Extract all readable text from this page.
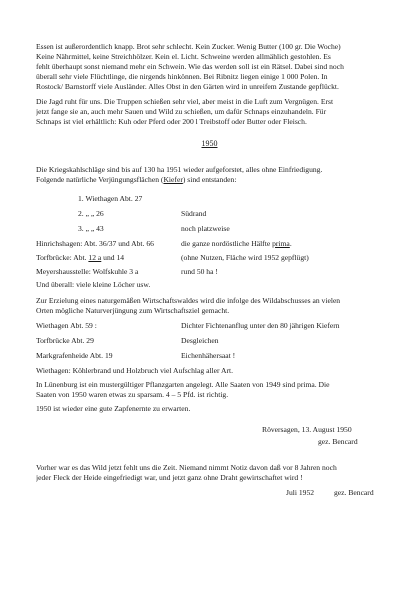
Essen ist außerordentlich knapp. Brot sehr schlecht. Kein Zucker. Wenig Butter (100 gr. Die Woche)
Keine Nährmittel, keine Streichhölzer. Kein el. Licht. Schweine werden allmählich gestohlen. Es
fehlt überhaupt sonst niemand mehr ein Schwein. Wie das werden soll ist ein Rätsel. Dabei sind noch
überall sehr viele Flüchtlinge, die nirgends hinkönnen. Bei Ribnitz liegen einige 1 000 Polen. In
Rostock/ Barnstorff viele Ausländer. Alles Obst in den Gärten wird in unreifem Zustande gepflückt.
Die Jagd ruht für uns. Die Truppen schießen sehr viel, aber meist in die Luft zum Vergnügen. Erst
jetzt fange sie an, auch mehr Sauen und Wild zu schießen, um dafür Schnaps einzuhandeln. Für
Schnaps ist viel erhältlich: Kuh oder Pferd oder 200 l Treibstoff oder Butter oder Fleisch.
1950
Die Kriegskahlschläge sind bis auf 130 ha 1951 wieder aufgeforstet, alles ohne Einfriedigung.
Folgende natürliche Verjüngungsflächen (Kiefer) sind entstanden:
1. Wiethagen Abt. 27
2. „ „ 26	Südrand
3. „ „ 43	noch platzweise
Hinrichshagen: Abt. 36/37 und Abt. 66	die ganze nordöstliche Hälfte prima.
Torfbrücke: Abt. 12 a und 14	(ohne Nutzen, Fläche wird 1952 gepflügt)
Meyershausstelle: Wolfskuhle 3 a	rund 50 ha !
Und überall: viele kleine Löcher usw.
Zur Erzielung eines naturgemäßen Wirtschaftswaldes wird die infolge des Wildabschusses an vielen
Orten mögliche Naturverjüngung zum Wirtschaftsziel gemacht.
Wiethagen Abt. 59 :	Dichter Fichtenanflug unter den 80 jährigen Kiefern
Torfbrücke Abt. 29	Desgleichen
Markgrafenheide Abt. 19	Eichenhähersaat !
Wiethagen: Köhlerbrand und Holzbruch viel Aufschlag aller Art.
In Lünenburg ist ein mustergültiger Pflanzgarten angelegt. Alle Saaten von 1949 sind prima. Die
Saaten von 1950 waren etwas zu sparsam. 4 – 5 Pfd. ist richtig.
1950 ist wieder eine gute Zapfenernte zu erwarten.
Röversagen, 13. August 1950
gez. Bencard
Vorher war es das Wild jetzt fehlt uns die Zeit. Niemand nimmt Notiz davon daß vor 8 Jahren noch
jeder Fleck der Heide eingefriedigt war, und jetzt ganz ohne Draht gewirtschaftet wird !
Juli 1952	gez. Bencard
